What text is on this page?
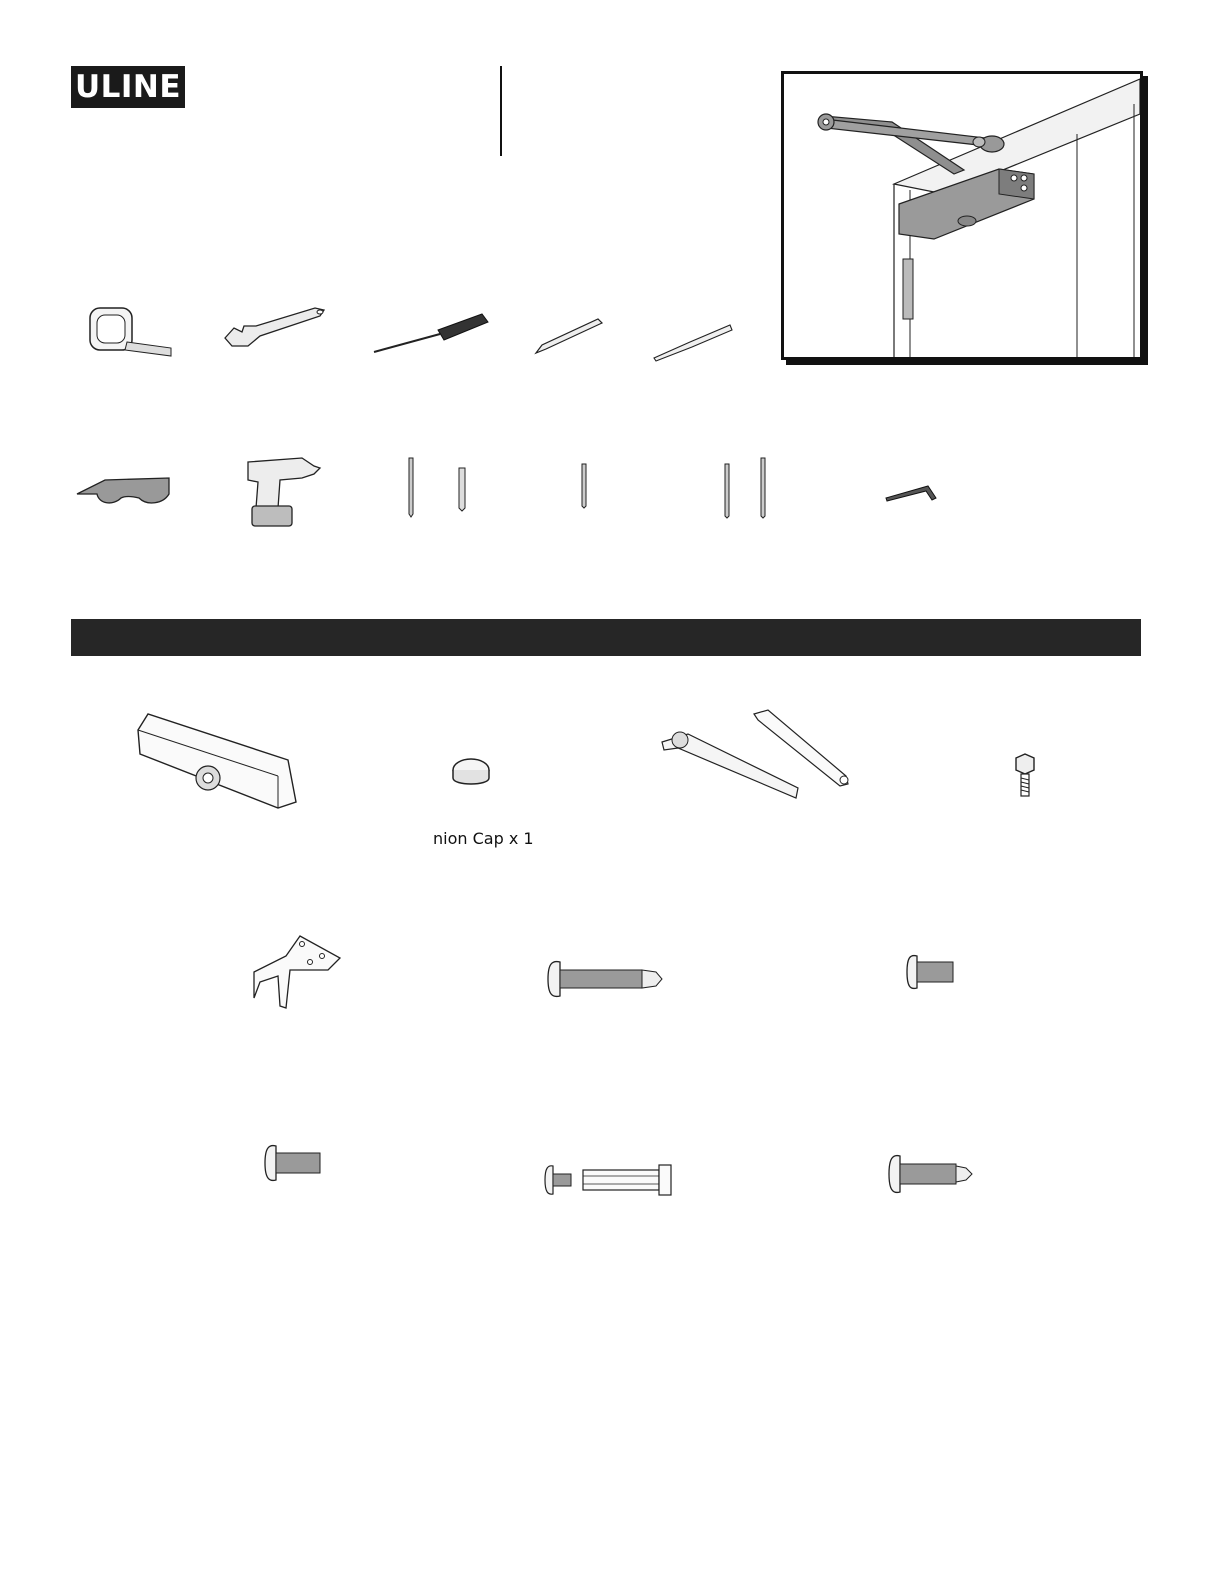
ULINE
nion Cap x 1
